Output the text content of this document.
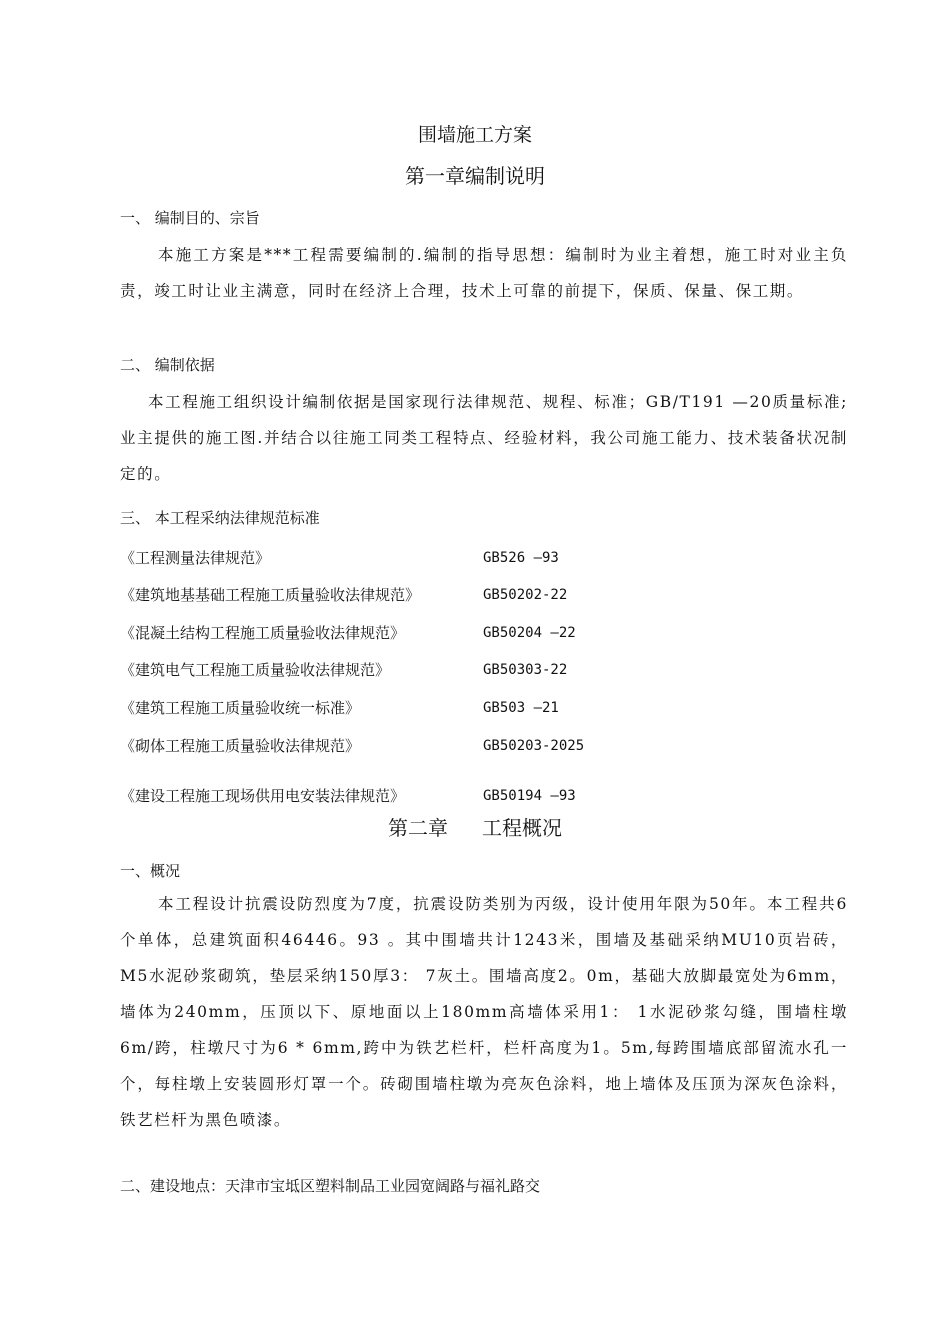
围墙施工方案
第一章编制说明
一、 编制目的、宗旨
本施工方案是***工程需要编制的.编制的指导思想：编制时为业主着想，施工时对业主负责，竣工时让业主满意，同时在经济上合理，技术上可靠的前提下，保质、保量、保工期。
二、 编制依据
本工程施工组织设计编制依据是国家现行法律规范、规程、标准；GB/T191 —20质量标准;业主提供的施工图.并结合以往施工同类工程特点、经验材料，我公司施工能力、技术装备状况制定的。
三、 本工程采纳法律规范标准
《工程测量法律规范》	GB526 —93
《建筑地基基础工程施工质量验收法律规范》	GB50202-22
《混凝土结构工程施工质量验收法律规范》	GB50204 —22
《建筑电气工程施工质量验收法律规范》	GB50303-22
《建筑工程施工质量验收统一标准》	GB503 —21
《砌体工程施工质量验收法律规范》	GB50203-2025
《建设工程施工现场供用电安装法律规范》	GB50194 —93
第二章 工程概况
一、概况
本工程设计抗震设防烈度为7度，抗震设防类别为丙级，设计使用年限为50年。本工程共6个单体，总建筑面积46446。93 。其中围墙共计1243米，围墙及基础采纳MU10页岩砖，M5水泥砂浆砌筑，垫层采纳150厚3： 7灰土。围墙高度2。0m，基础大放脚最宽处为6mm，墙体为240mm，压顶以下、原地面以上180mm高墙体采用1： 1水泥砂浆勾缝，围墙柱墩6m/跨，柱墩尺寸为6 * 6mm,跨中为铁艺栏杆，栏杆高度为1。5m,每跨围墙底部留流水孔一个，每柱墩上安装圆形灯罩一个。砖砌围墙柱墩为亮灰色涂料，地上墙体及压顶为深灰色涂料，铁艺栏杆为黑色喷漆。
二、建设地点：天津市宝坻区塑料制品工业园宽阔路与福礼路交
